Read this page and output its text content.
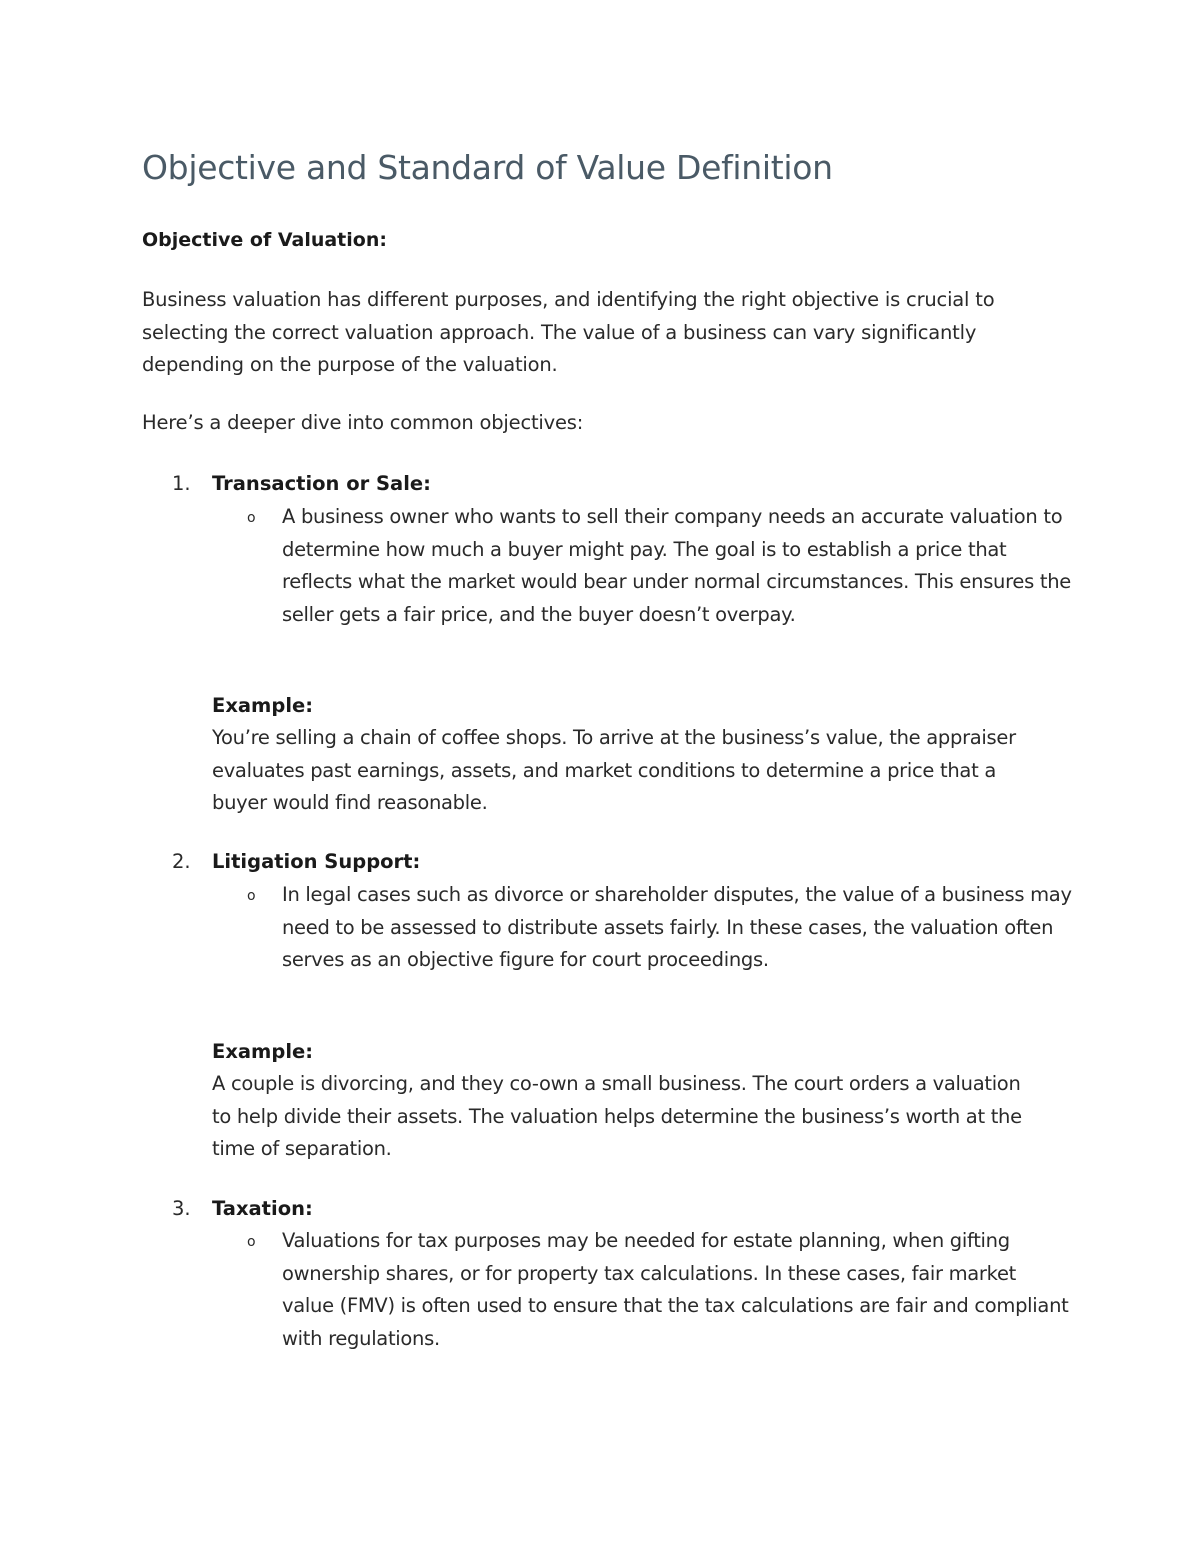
Objective and Standard of Value Definition
Objective of Valuation:

Business valuation has different purposes, and identifying the right objective is crucial to selecting the correct valuation approach. The value of a business can vary significantly depending on the purpose of the valuation.

Here’s a deeper dive into common objectives:

1.	Transaction or Sale:
o A business owner who wants to sell their company needs an accurate valuation to determine how much a buyer might pay. The goal is to establish a price that reflects what the market would bear under normal circumstances. This ensures the seller gets a fair price, and the buyer doesn’t overpay.

Example:

You’re selling a chain of coffee shops. To arrive at the business’s value, the appraiser evaluates past earnings, assets, and market conditions to determine a price that a buyer would find reasonable.

2.	Litigation Support:
o In legal cases such as divorce or shareholder disputes, the value of a business may need to be assessed to distribute assets fairly. In these cases, the valuation often serves as an objective figure for court proceedings.

Example:

A couple is divorcing, and they co-own a small business. The court orders a valuation to help divide their assets. The valuation helps determine the business’s worth at the time of separation.

3.	Taxation:
o Valuations for tax purposes may be needed for estate planning, when gifting ownership shares, or for property tax calculations. In these cases, fair market value (FMV) is often used to ensure that the tax calculations are fair and compliant with regulations.
